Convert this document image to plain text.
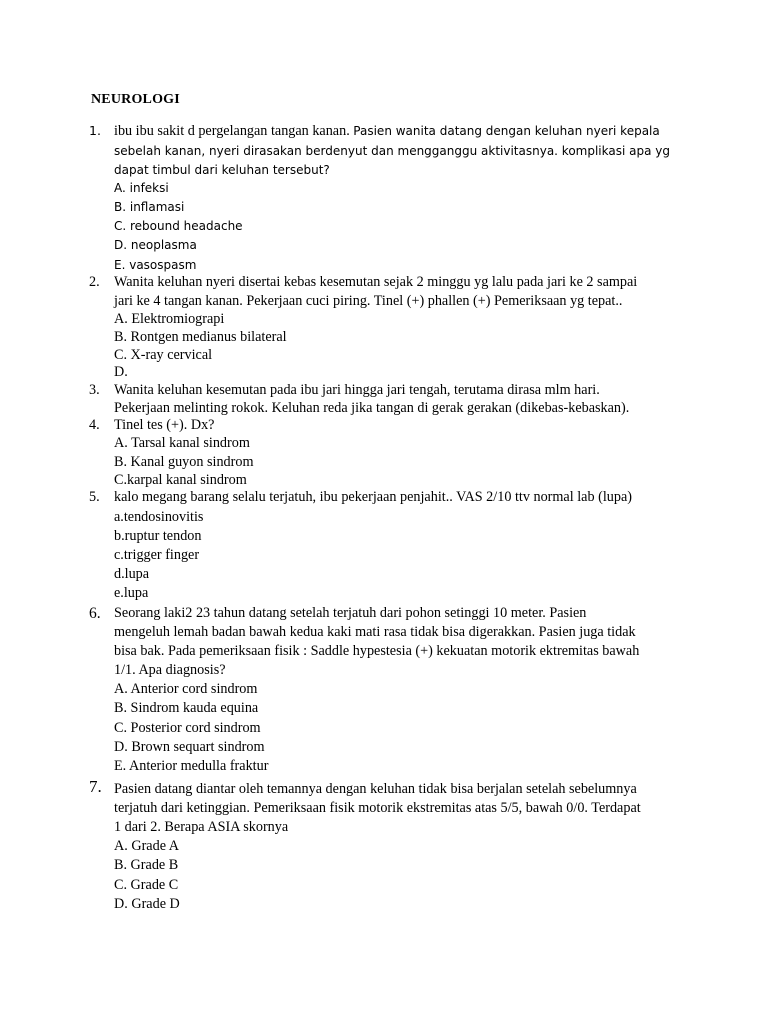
NEUROLOGI
1. ibu ibu sakit d pergelangan tangan kanan. Pasien wanita datang dengan keluhan nyeri kepala
sebelah kanan, nyeri dirasakan berdenyut dan mengganggu aktivitasnya. komplikasi apa yg
dapat timbul dari keluhan tersebut?
A. infeksi
B. inflamasi
C. rebound headache
D. neoplasma
E. vasospasm
2. Wanita keluhan nyeri disertai kebas kesemutan sejak 2 minggu yg lalu pada jari ke 2 sampai
jari ke 4 tangan kanan. Pekerjaan cuci piring. Tinel (+) phallen (+) Pemeriksaan yg tepat..
A. Elektromiograpi
B. Rontgen medianus bilateral
C. X-ray cervical
D.
3. Wanita keluhan kesemutan pada ibu jari hingga jari tengah, terutama dirasa mlm hari.
Pekerjaan melinting rokok. Keluhan reda jika tangan di gerak gerakan (dikebas-kebaskan).
4. Tinel tes (+). Dx?
A. Tarsal kanal sindrom
B. Kanal guyon sindrom
C.karpal kanal sindrom
5. kalo megang barang selalu terjatuh, ibu pekerjaan penjahit.. VAS 2/10 ttv normal lab (lupa)
a.tendosinovitis
b.ruptur tendon
c.trigger finger
d.lupa
e.lupa
6. Seorang laki2 23 tahun datang setelah terjatuh dari pohon setinggi 10 meter. Pasien
mengeluh lemah badan bawah kedua kaki mati rasa tidak bisa digerakkan. Pasien juga tidak
bisa bak. Pada pemeriksaan fisik : Saddle hypestesia (+) kekuatan motorik ektremitas bawah
1/1. Apa diagnosis?
A. Anterior cord sindrom
B. Sindrom kauda equina
C. Posterior cord sindrom
D. Brown sequart sindrom
E. Anterior medulla fraktur
7. Pasien datang diantar oleh temannya dengan keluhan tidak bisa berjalan setelah sebelumnya
terjatuh dari ketinggian. Pemeriksaan fisik motorik ekstremitas atas 5/5, bawah 0/0. Terdapat
1 dari 2. Berapa ASIA skornya
A. Grade A
B. Grade B
C. Grade C
D. Grade D
